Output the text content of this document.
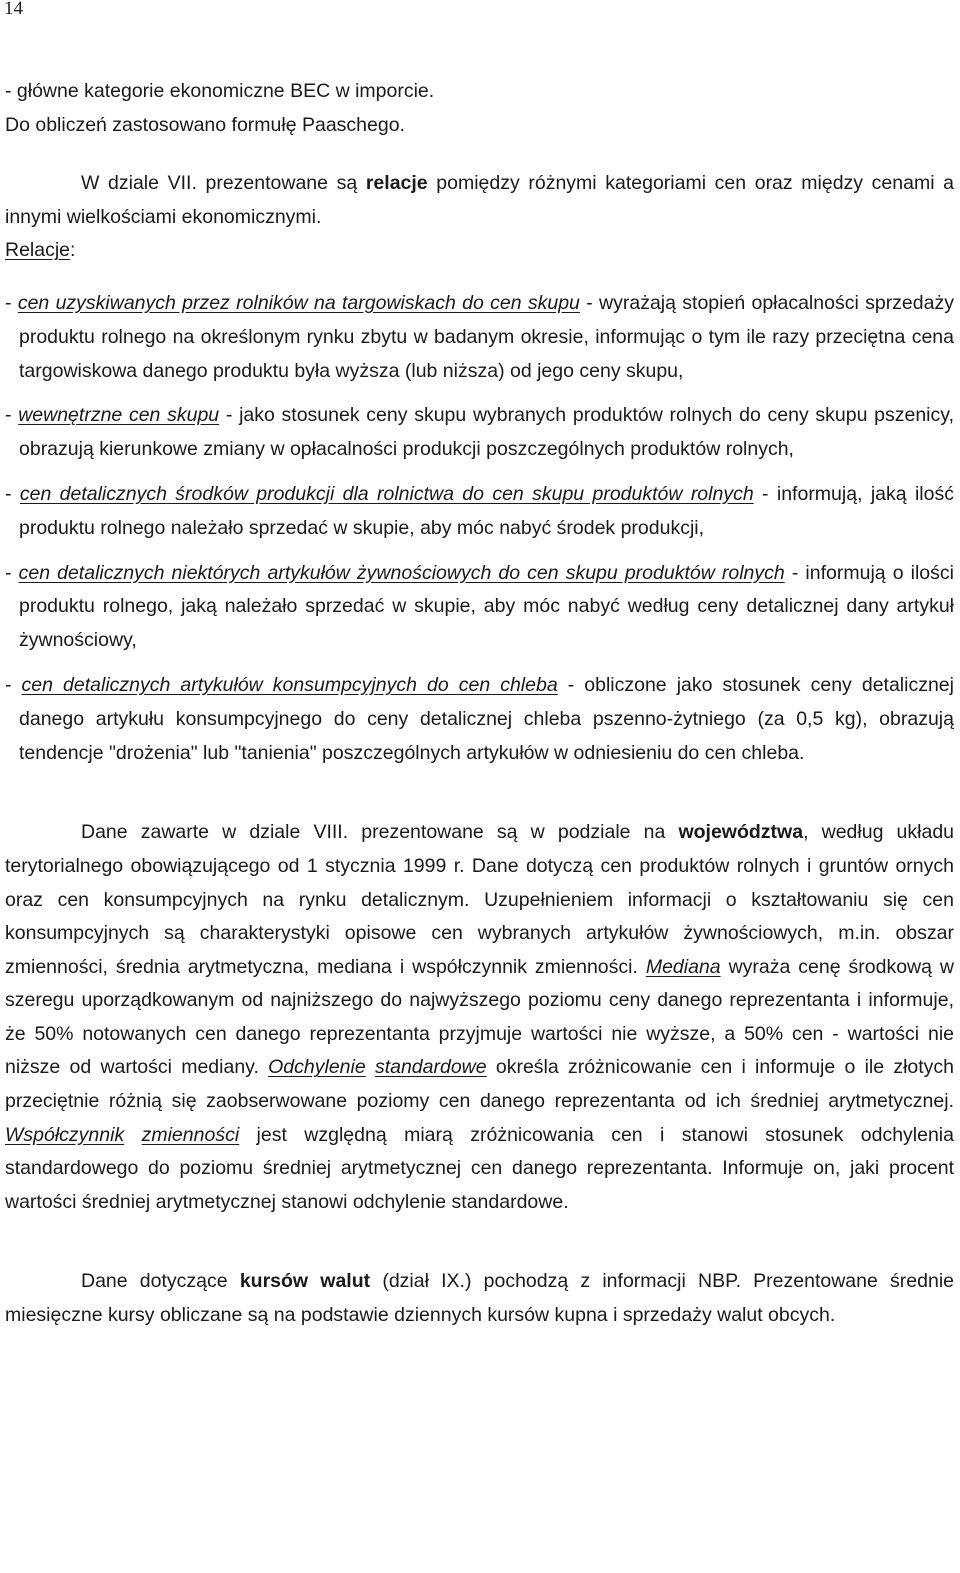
14

- główne kategorie ekonomiczne BEC w imporcie.

Do obliczeń zastosowano formułę Paaschego.

W dziale VII. prezentowane są relacje pomiędzy różnymi kategoriami cen oraz między cenami a innymi wielkościami ekonomicznymi.

Relacje:

- cen uzyskiwanych przez rolników na targowiskach do cen skupu - wyrażają stopień opłacalności sprzedaży produktu rolnego na określonym rynku zbytu w badanym okresie, informując o tym ile razy przeciętna cena targowiskowa danego produktu była wyższa (lub niższa) od jego ceny skupu,

- wewnętrzne cen skupu - jako stosunek ceny skupu wybranych produktów rolnych do ceny skupu pszenicy, obrazują kierunkowe zmiany w opłacalności produkcji poszczególnych produktów rolnych,

- cen detalicznych środków produkcji dla rolnictwa do cen skupu produktów rolnych - informują, jaką ilość produktu rolnego należało sprzedać w skupie, aby móc nabyć środek produkcji,

- cen detalicznych niektórych artykułów żywnościowych do cen skupu produktów rolnych - informują o ilości produktu rolnego, jaką należało sprzedać w skupie, aby móc nabyć według ceny detalicznej dany artykuł żywnościowy,

- cen detalicznych artykułów konsumpcyjnych do cen chleba - obliczone jako stosunek ceny detalicznej danego artykułu konsumpcyjnego do ceny detalicznej chleba pszenno-żytniego (za 0,5 kg), obrazują tendencje "drożenia" lub "tanienia" poszczególnych artykułów w odniesieniu do cen chleba.

Dane zawarte w dziale VIII. prezentowane są w podziale na województwa, według układu terytorialnego obowiązującego od 1 stycznia 1999 r. Dane dotyczą cen produktów rolnych i gruntów ornych oraz cen konsumpcyjnych na rynku detalicznym. Uzupełnieniem informacji o kształtowaniu się cen konsumpcyjnych są charakterystyki opisowe cen wybranych artykułów żywnościowych, m.in. obszar zmienności, średnia arytmetyczna, mediana i współczynnik zmienności. Mediana wyraża cenę środkową w szeregu uporządkowanym od najniższego do najwyższego poziomu ceny danego reprezentanta i informuje, że 50% notowanych cen danego reprezentanta przyjmuje wartości nie wyższe, a 50% cen - wartości nie niższe od wartości mediany. Odchylenie standardowe określa zróżnicowanie cen i informuje o ile złotych przeciętnie różnią się zaobserwowane poziomy cen danego reprezentanta od ich średniej arytmetycznej. Współczynnik zmienności jest względną miarą zróżnicowania cen i stanowi stosunek odchylenia standardowego do poziomu średniej arytmetycznej cen danego reprezentanta. Informuje on, jaki procent wartości średniej arytmetycznej stanowi odchylenie standardowe.

Dane dotyczące kursów walut (dział IX.) pochodzą z informacji NBP. Prezentowane średnie miesięczne kursy obliczane są na podstawie dziennych kursów kupna i sprzedaży walut obcych.
